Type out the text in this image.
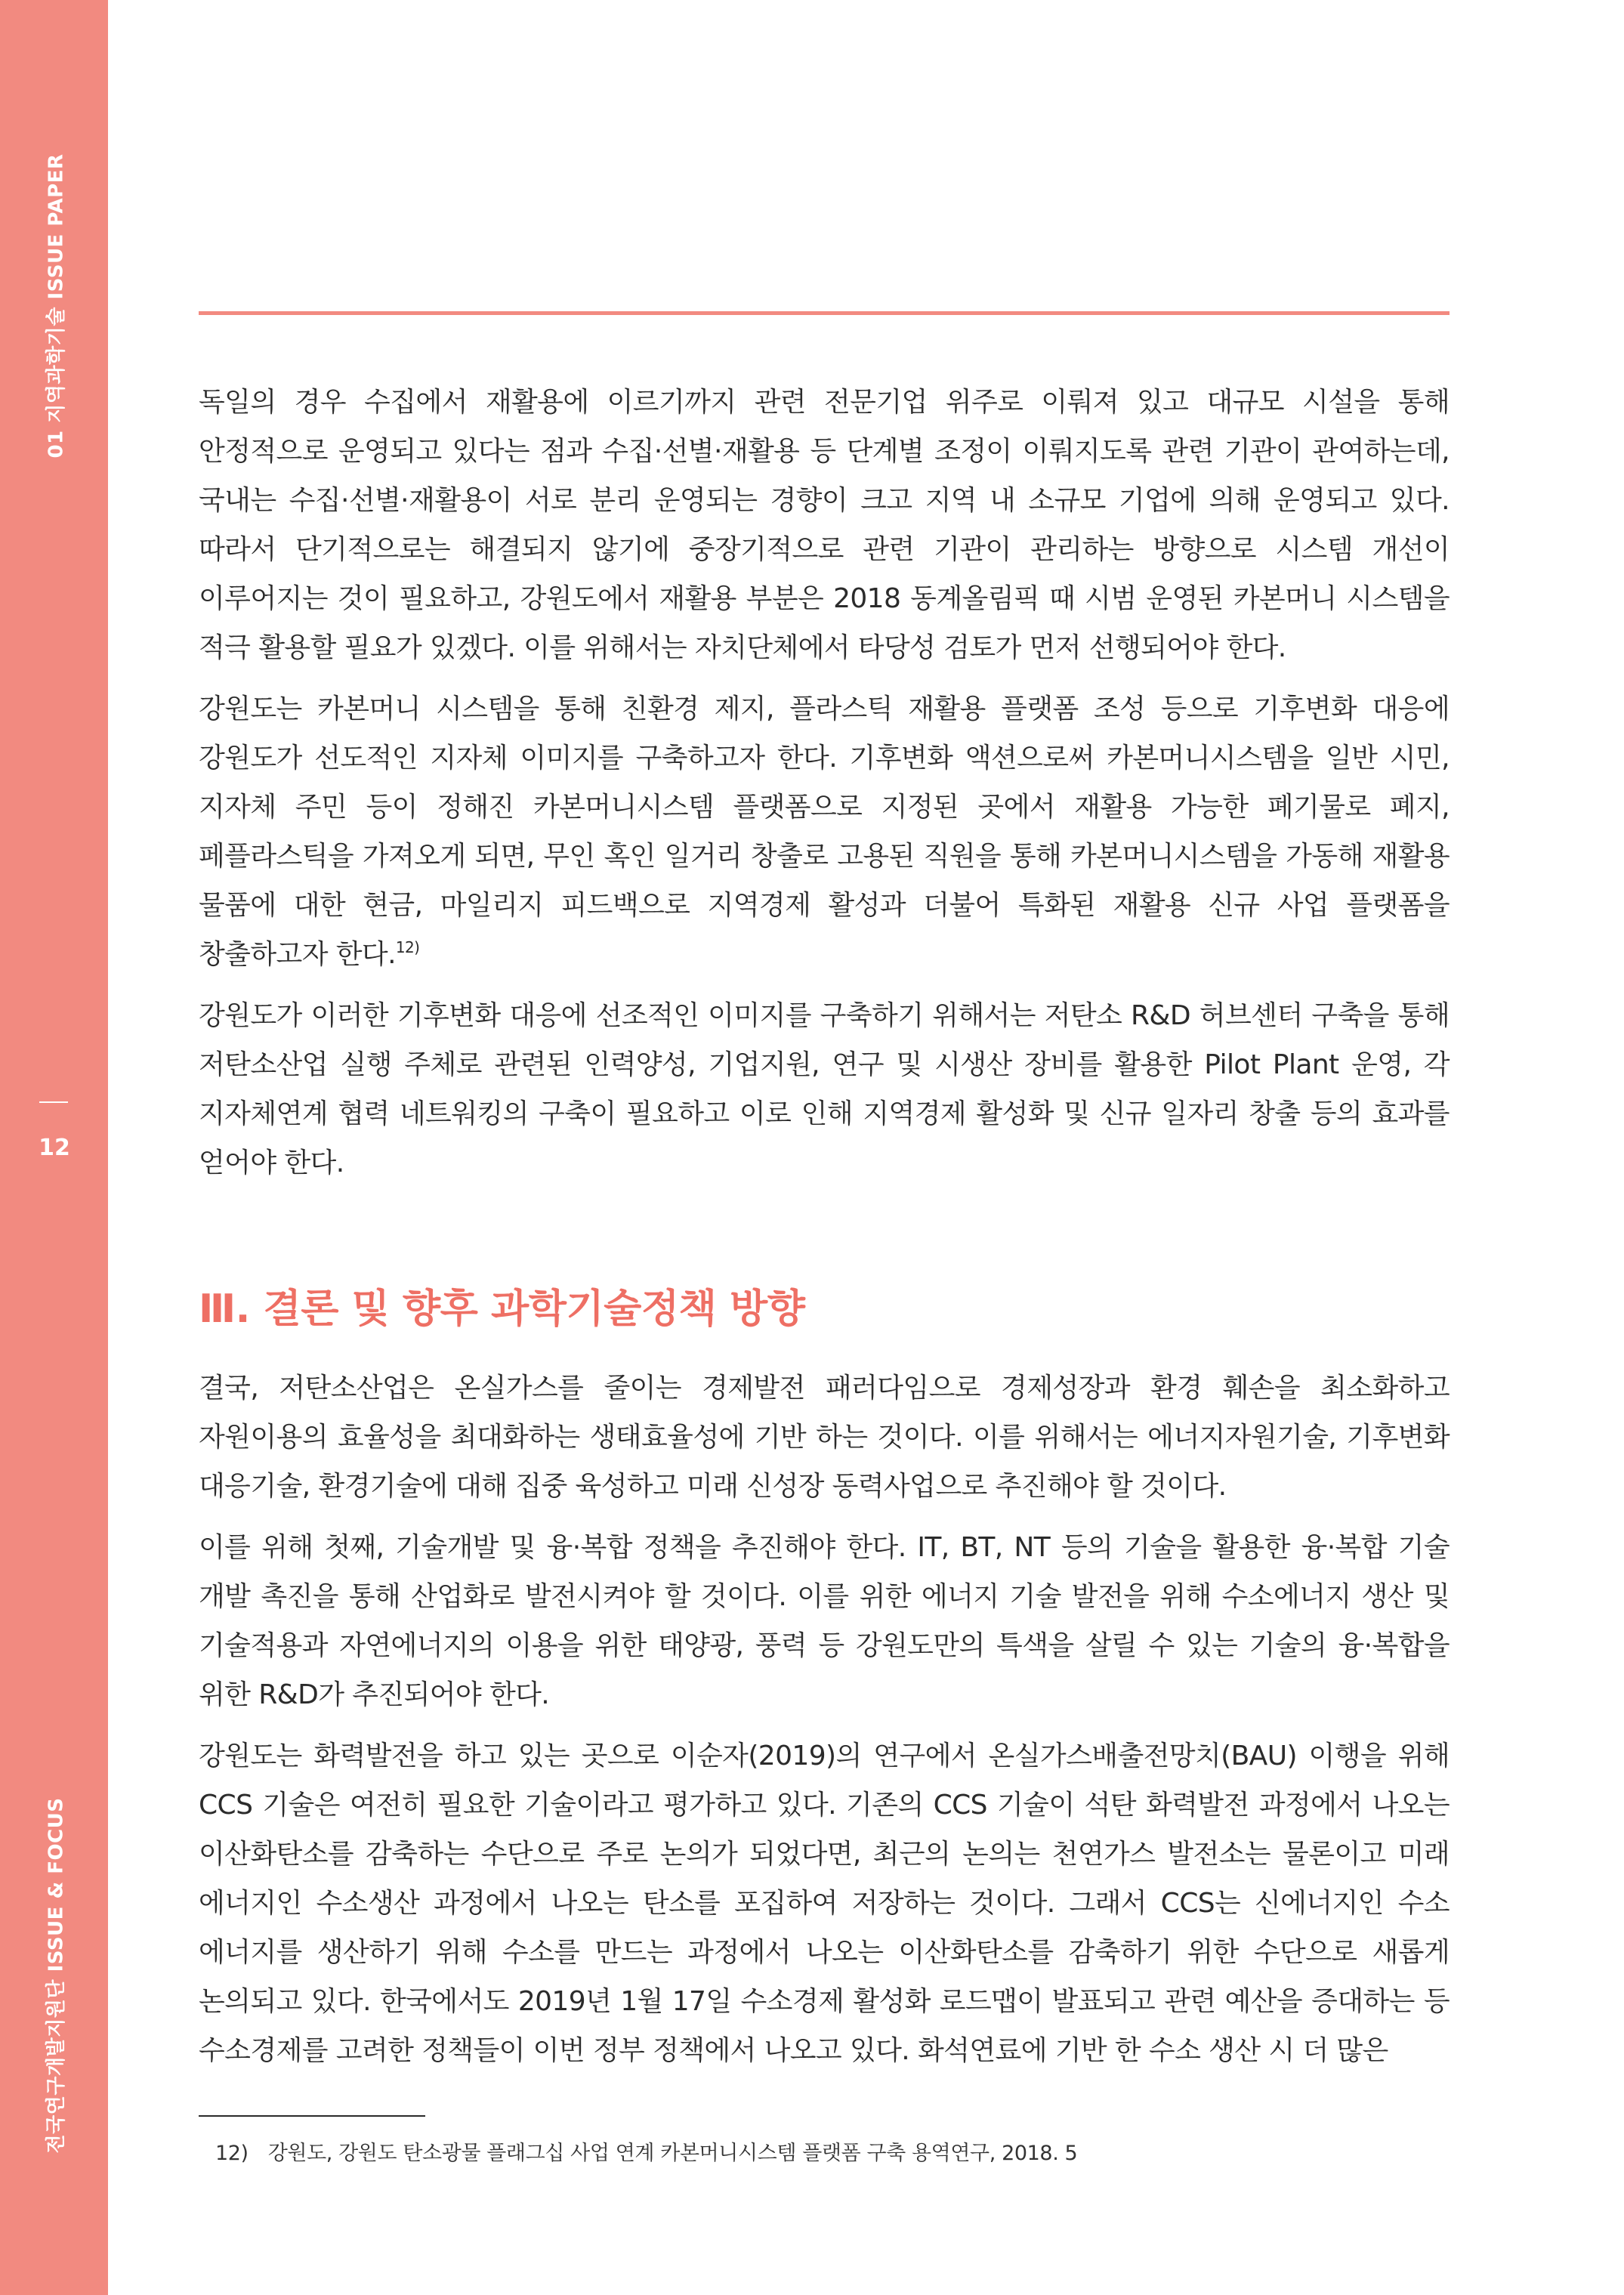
01 지역과학기술 ISSUE PAPER
12
전국연구개발지원단 ISSUE & FOCUS

독일의 경우 수집에서 재활용에 이르기까지 관련 전문기업 위주로 이뤄져 있고 대규모 시설을 통해 안정적으로 운영되고 있다는 점과 수집·선별·재활용 등 단계별 조정이 이뤄지도록 관련 기관이 관여하는데, 국내는 수집·선별·재활용이 서로 분리 운영되는 경향이 크고 지역 내 소규모 기업에 의해 운영되고 있다. 따라서 단기적으로는 해결되지 않기에 중장기적으로 관련 기관이 관리하는 방향으로 시스템 개선이 이루어지는 것이 필요하고, 강원도에서 재활용 부분은 2018 동계올림픽 때 시범 운영된 카본머니 시스템을 적극 활용할 필요가 있겠다. 이를 위해서는 자치단체에서 타당성 검토가 먼저 선행되어야 한다.

강원도는 카본머니 시스템을 통해 친환경 제지, 플라스틱 재활용 플랫폼 조성 등으로 기후변화 대응에 강원도가 선도적인 지자체 이미지를 구축하고자 한다. 기후변화 액션으로써 카본머니시스템을 일반 시민, 지자체 주민 등이 정해진 카본머니시스템 플랫폼으로 지정된 곳에서 재활용 가능한 폐기물로 폐지, 페플라스틱을 가져오게 되면, 무인 혹인 일거리 창출로 고용된 직원을 통해 카본머니시스템을 가동해 재활용 물품에 대한 현금, 마일리지 피드백으로 지역경제 활성과 더불어 특화된 재활용 신규 사업 플랫폼을 창출하고자 한다.$^{12)}$

강원도가 이러한 기후변화 대응에 선조적인 이미지를 구축하기 위해서는 저탄소 R&D 허브센터 구축을 통해 저탄소산업 실행 주체로 관련된 인력양성, 기업지원, 연구 및 시생산 장비를 활용한 Pilot Plant 운영, 각 지자체연계 협력 네트워킹의 구축이 필요하고 이로 인해 지역경제 활성화 및 신규 일자리 창출 등의 효과를 얻어야 한다.

Ⅲ. 결론 및 향후 과학기술정책 방향

결국, 저탄소산업은 온실가스를 줄이는 경제발전 패러다임으로 경제성장과 환경 훼손을 최소화하고 자원이용의 효율성을 최대화하는 생태효율성에 기반 하는 것이다. 이를 위해서는 에너지자원기술, 기후변화 대응기술, 환경기술에 대해 집중 육성하고 미래 신성장 동력사업으로 추진해야 할 것이다.

이를 위해 첫째, 기술개발 및 융·복합 정책을 추진해야 한다. IT, BT, NT 등의 기술을 활용한 융·복합 기술 개발 촉진을 통해 산업화로 발전시켜야 할 것이다. 이를 위한 에너지 기술 발전을 위해 수소에너지 생산 및 기술적용과 자연에너지의 이용을 위한 태양광, 풍력 등 강원도만의 특색을 살릴 수 있는 기술의 융·복합을 위한 R&D가 추진되어야 한다.

강원도는 화력발전을 하고 있는 곳으로 이순자(2019)의 연구에서 온실가스배출전망치(BAU) 이행을 위해 CCS 기술은 여전히 필요한 기술이라고 평가하고 있다. 기존의 CCS 기술이 석탄 화력발전 과정에서 나오는 이산화탄소를 감축하는 수단으로 주로 논의가 되었다면, 최근의 논의는 천연가스 발전소는 물론이고 미래 에너지인 수소생산 과정에서 나오는 탄소를 포집하여 저장하는 것이다. 그래서 CCS는 신에너지인 수소 에너지를 생산하기 위해 수소를 만드는 과정에서 나오는 이산화탄소를 감축하기 위한 수단으로 새롭게 논의되고 있다. 한국에서도 2019년 1월 17일 수소경제 활성화 로드맵이 발표되고 관련 예산을 증대하는 등 수소경제를 고려한 정책들이 이번 정부 정책에서 나오고 있다. 화석연료에 기반 한 수소 생산 시 더 많은

12) 강원도, 강원도 탄소광물 플래그십 사업 연계 카본머니시스템 플랫폼 구축 용역연구, 2018. 5
